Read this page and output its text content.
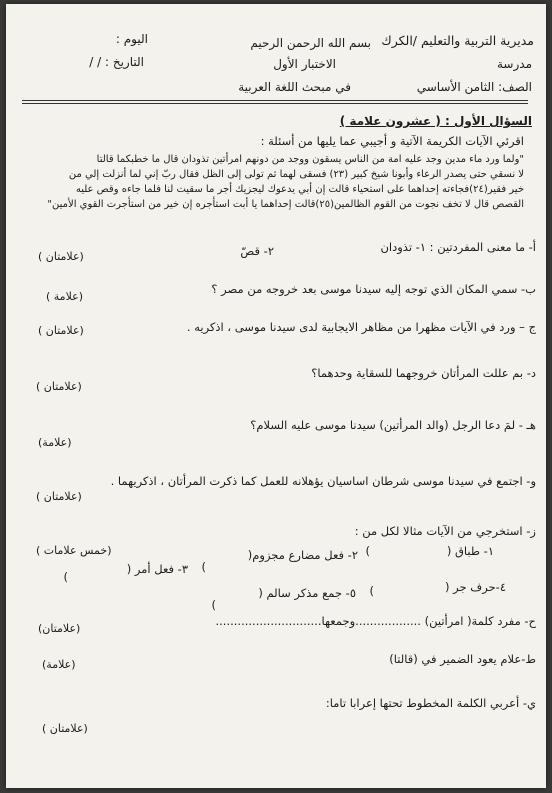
مديرية التربية والتعليم /الكرك
بسم الله الرحمن الرحيم
اليوم :
مدرسة
الاختبار الأول
التاريخ : / /
الصف: الثامن الأساسي
في مبحث اللغة العربية
السؤال الأول : ( عشرون علامة )
اقرئي الآيات الكريمة الآتية و أجيبي عما يليها من أسئلة :
"ولما ورد ماء مدين وجد عليه امة من الناس يسقون ووجد من دونهم امرأتين تذودان قال ما خطبكما قالتا
لا نسقي حتى يصدر الرعاء وأبونا شيخ كبير (٢٣) فسقى لهما ثم تولى إلى الظل فقال ربّ إني لما أنزلت إلي من
خير فقير(٢٤)فجاءته إحداهما على استحياء قالت إن أبي يدعوك ليجزيك أجر ما سقيت لنا فلما جاءه وقص عليه
القصص قال لا تخف نجوت من القوم الظالمين(٢٥)قالت إحداهما يا أبت استأجره إن خير من استأجرت القوي الأمين"
أ- ما معنى المفردتين : ١- تذودان
٢- قصّ
(علامتان )
ب- سمي المكان الذي توجه إليه سيدنا موسى بعد خروجه من مصر ؟
(علامة )
ج – ورد في الآيات مظهرا من مظاهر الايجابية لدى سيدنا موسى ، اذكريه .
(علامتان )
د- بم عللت المرأتان خروجهما للسقاية وحدهما؟
(علامتان )
هـ - لمَ دعا الرجل (والد المرأتين) سيدنا موسى عليه السلام؟
(علامة)
و- اجتمع في سيدنا موسى شرطان اساسيان يؤهلانه للعمل كما ذكرت المرأتان ، اذكريهما .
(علامتان )
ز- استخرجي من الآيات مثالا لكل من :
(خمس علامات )	١- طباق (
)
٢- فعل مضارع مجزوم(
)
٣- فعل أمر (
)
٤-حرف جر (
)
٥- جمع مذكر سالم (
)
ح- مفرد كلمة( امرأتين) ..................وجمعها.............................
(علامتان)
ط-علام يعود الضمير في (قالتا)
(علامة)
ي- أعربي الكلمة المخطوط تحتها إعرابا تاما:
(علامتان )
